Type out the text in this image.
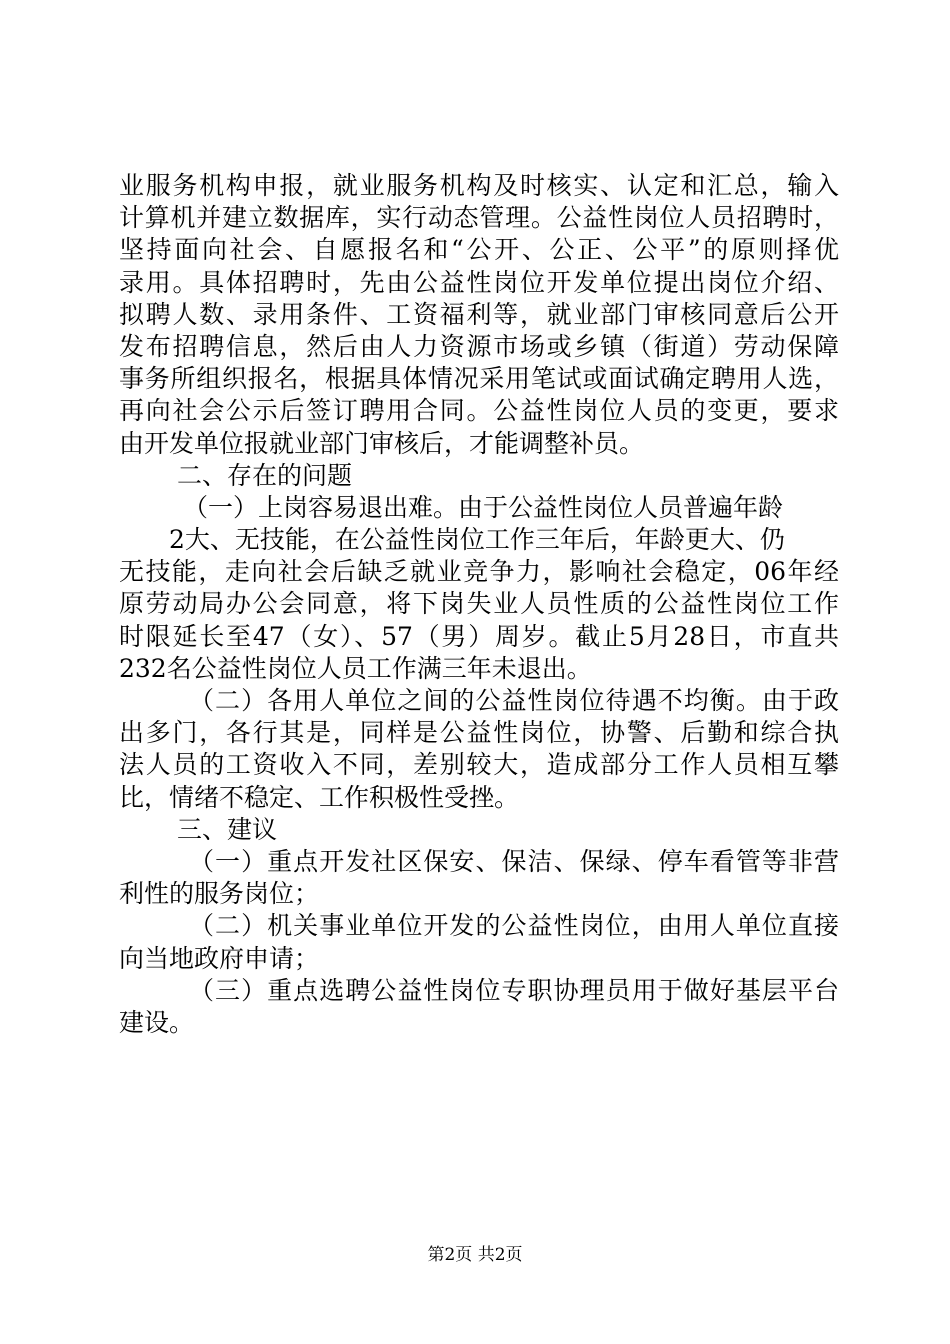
业服务机构申报，就业服务机构及时核实、认定和汇总，输入
计算机并建立数据库，实行动态管理。公益性岗位人员招聘时，
坚持面向社会、自愿报名和“公开、公正、公平”的原则择优
录用。具体招聘时，先由公益性岗位开发单位提出岗位介绍、
拟聘人数、录用条件、工资福利等，就业部门审核同意后公开
发布招聘信息，然后由人力资源市场或乡镇（街道）劳动保障
事务所组织报名，根据具体情况采用笔试或面试确定聘用人选，
再向社会公示后签订聘用合同。公益性岗位人员的变更，要求
由开发单位报就业部门审核后，才能调整补员。
二、存在的问题
（一）上岗容易退出难。由于公益性岗位人员普遍年龄
2大、无技能，在公益性岗位工作三年后，年龄更大、仍
无技能，走向社会后缺乏就业竞争力，影响社会稳定，06年经
原劳动局办公会同意，将下岗失业人员性质的公益性岗位工作
时限延长至47（女）、57（男）周岁。截止5月28日，市直共
232名公益性岗位人员工作满三年未退出。
（二）各用人单位之间的公益性岗位待遇不均衡。由于政
出多门，各行其是，同样是公益性岗位，协警、后勤和综合执
法人员的工资收入不同，差别较大，造成部分工作人员相互攀
比，情绪不稳定、工作积极性受挫。
三、建议
（一）重点开发社区保安、保洁、保绿、停车看管等非营
利性的服务岗位；
（二）机关事业单位开发的公益性岗位，由用人单位直接
向当地政府申请；
（三）重点选聘公益性岗位专职协理员用于做好基层平台
建设。
第2页 共2页
